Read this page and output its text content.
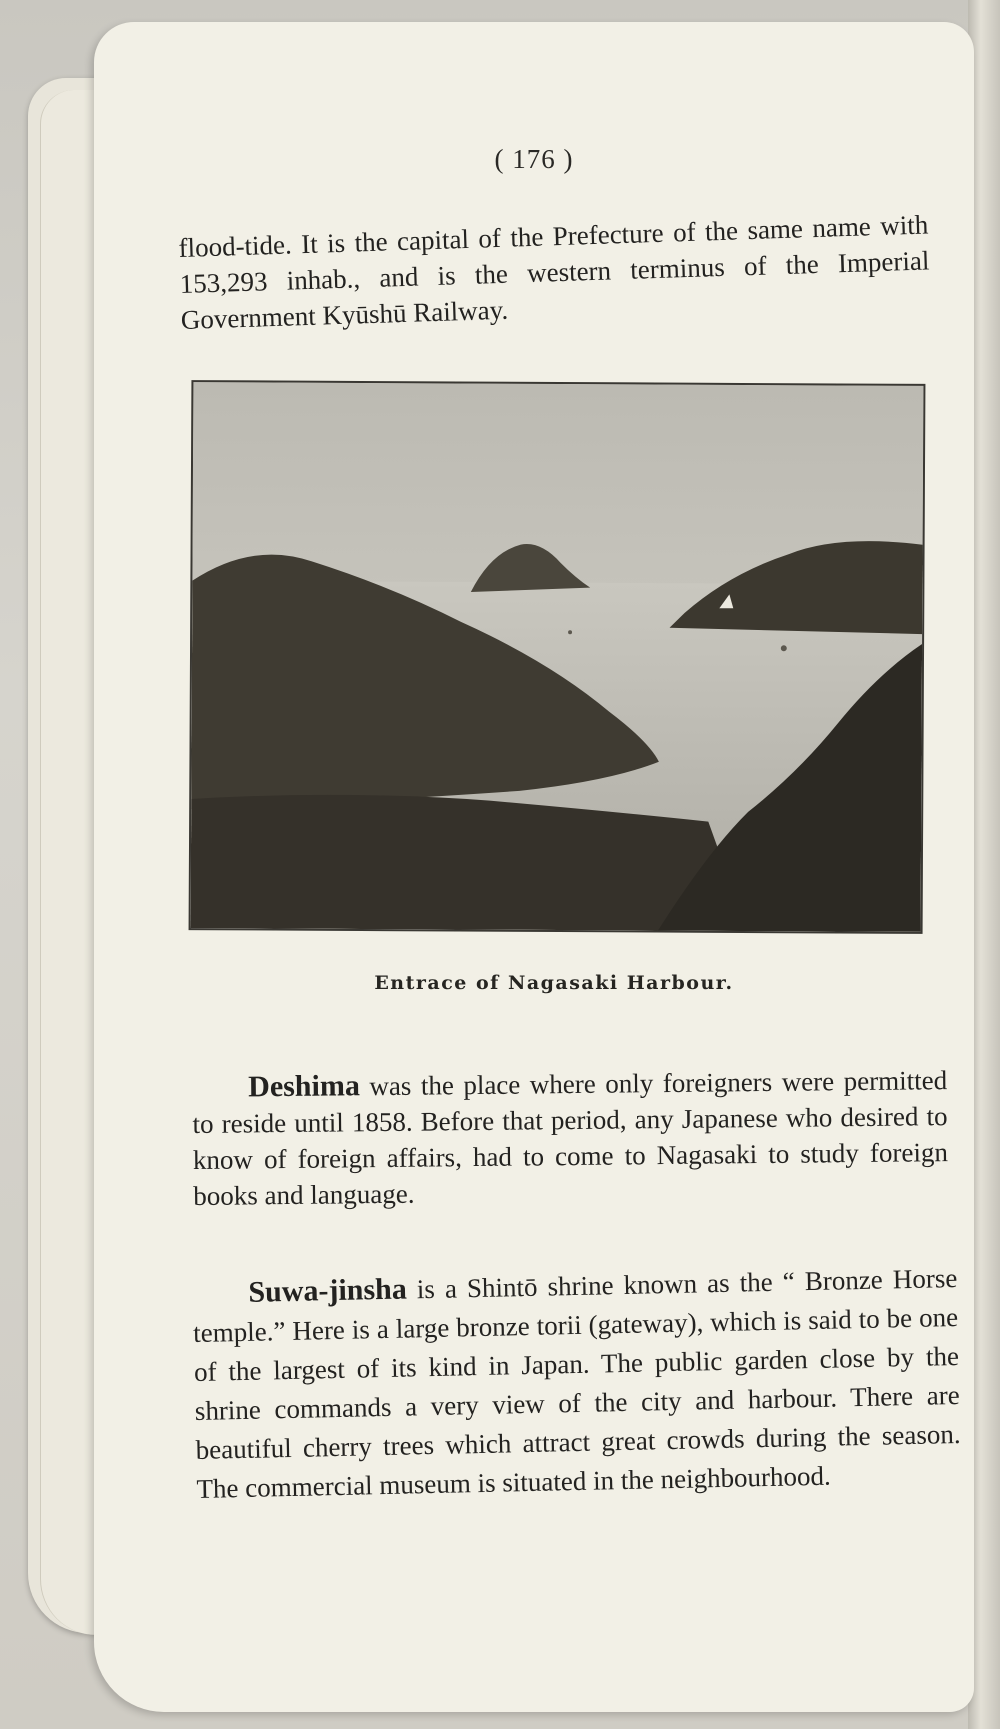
( 176 )
flood-tide. It is the capital of the Prefecture of the same name with 153,293 inhab., and is the western terminus of the Imperial Government Kyūshū Railway.
Entrace of Nagasaki Harbour.
Deshima was the place where only foreigners were permitted to reside until 1858. Before that period, any Japanese who desired to know of foreign affairs, had to come to Nagasaki to study foreign books and language.
Suwa-jinsha is a Shintō shrine known as the “ Bronze Horse temple.” Here is a large bronze torii (gateway), which is said to be one of the largest of its kind in Japan. The public garden close by the shrine commands a very view of the city and harbour. There are beautiful cherry trees which attract great crowds during the season. The commercial museum is situated in the neighbourhood.
